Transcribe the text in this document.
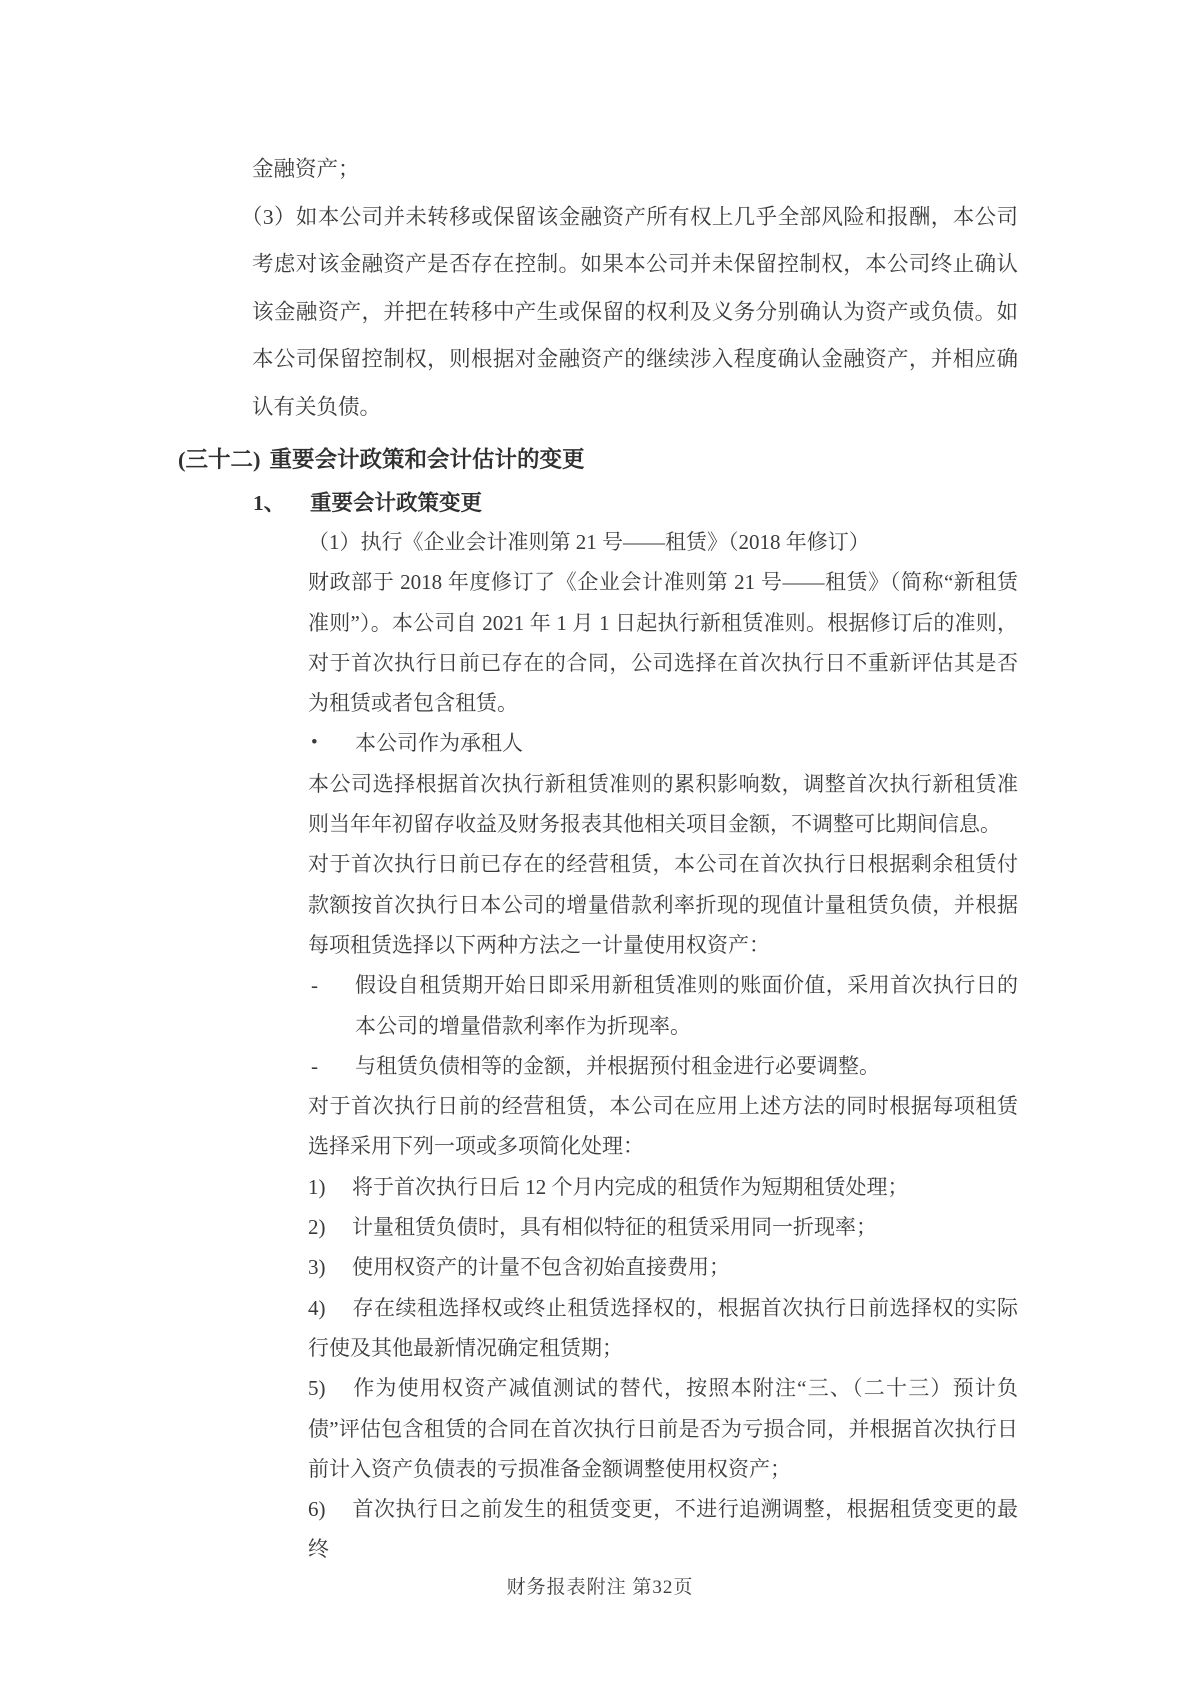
金融资产；

（3）如本公司并未转移或保留该金融资产所有权上几乎全部风险和报酬，本公司考虑对该金融资产是否存在控制。如果本公司并未保留控制权，本公司终止确认该金融资产，并把在转移中产生或保留的权利及义务分别确认为资产或负债。如本公司保留控制权，则根据对金融资产的继续涉入程度确认金融资产，并相应确认有关负债。

(三十二) 重要会计政策和会计估计的变更
1、 重要会计政策变更

（1）执行《企业会计准则第 21 号——租赁》（2018 年修订）

财政部于 2018 年度修订了《企业会计准则第 21 号——租赁》（简称“新租赁准则”）。本公司自 2021 年 1 月 1 日起执行新租赁准则。根据修订后的准则，对于首次执行日前已存在的合同，公司选择在首次执行日不重新评估其是否为租赁或者包含租赁。

• 本公司作为承租人

本公司选择根据首次执行新租赁准则的累积影响数，调整首次执行新租赁准则当年年初留存收益及财务报表其他相关项目金额，不调整可比期间信息。

对于首次执行日前已存在的经营租赁，本公司在首次执行日根据剩余租赁付款额按首次执行日本公司的增量借款利率折现的现值计量租赁负债，并根据每项租赁选择以下两种方法之一计量使用权资产：

- 假设自租赁期开始日即采用新租赁准则的账面价值，采用首次执行日的本公司的增量借款利率作为折现率。
- 与租赁负债相等的金额，并根据预付租金进行必要调整。

对于首次执行日前的经营租赁，本公司在应用上述方法的同时根据每项租赁选择采用下列一项或多项简化处理：

1) 将于首次执行日后 12 个月内完成的租赁作为短期租赁处理；

2) 计量租赁负债时，具有相似特征的租赁采用同一折现率；

3) 使用权资产的计量不包含初始直接费用；

4) 存在续租选择权或终止租赁选择权的，根据首次执行日前选择权的实际行使及其他最新情况确定租赁期；

5) 作为使用权资产减值测试的替代，按照本附注“三、（二十三）预计负债”评估包含租赁的合同在首次执行日前是否为亏损合同，并根据首次执行日前计入资产负债表的亏损准备金额调整使用权资产；

6) 首次执行日之前发生的租赁变更，不进行追溯调整，根据租赁变更的最终

财务报表附注 第32页
